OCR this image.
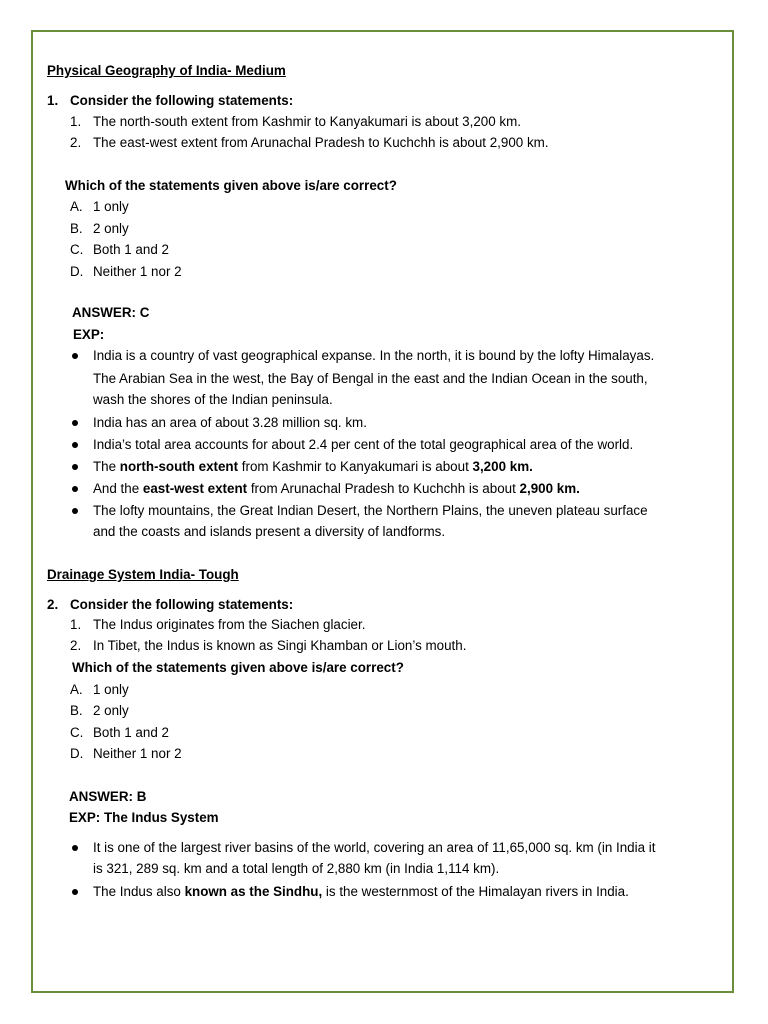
Physical Geography of India- Medium
1. Consider the following statements:
1. The north-south extent from Kashmir to Kanyakumari is about 3,200 km.
2. The east-west extent from Arunachal Pradesh to Kuchchh is about 2,900 km.
Which of the statements given above is/are correct?
A. 1 only
B. 2 only
C. Both 1 and 2
D. Neither 1 nor 2
ANSWER: C
EXP:
India is a country of vast geographical expanse. In the north, it is bound by the lofty Himalayas.
The Arabian Sea in the west, the Bay of Bengal in the east and the Indian Ocean in the south,
wash the shores of the Indian peninsula.
India has an area of about 3.28 million sq. km.
India’s total area accounts for about 2.4 per cent of the total geographical area of the world.
The north-south extent from Kashmir to Kanyakumari is about 3,200 km.
And the east-west extent from Arunachal Pradesh to Kuchchh is about 2,900 km.
The lofty mountains, the Great Indian Desert, the Northern Plains, the uneven plateau surface
and the coasts and islands present a diversity of landforms.
Drainage System India- Tough
2. Consider the following statements:
1. The Indus originates from the Siachen glacier.
2. In Tibet, the Indus is known as Singi Khamban or Lion’s mouth.
Which of the statements given above is/are correct?
A. 1 only
B. 2 only
C. Both 1 and 2
D. Neither 1 nor 2
ANSWER: B
EXP: The Indus System
It is one of the largest river basins of the world, covering an area of 11,65,000 sq. km (in India it
is 321, 289 sq. km and a total length of 2,880 km (in India 1,114 km).
The Indus also known as the Sindhu, is the westernmost of the Himalayan rivers in India.
